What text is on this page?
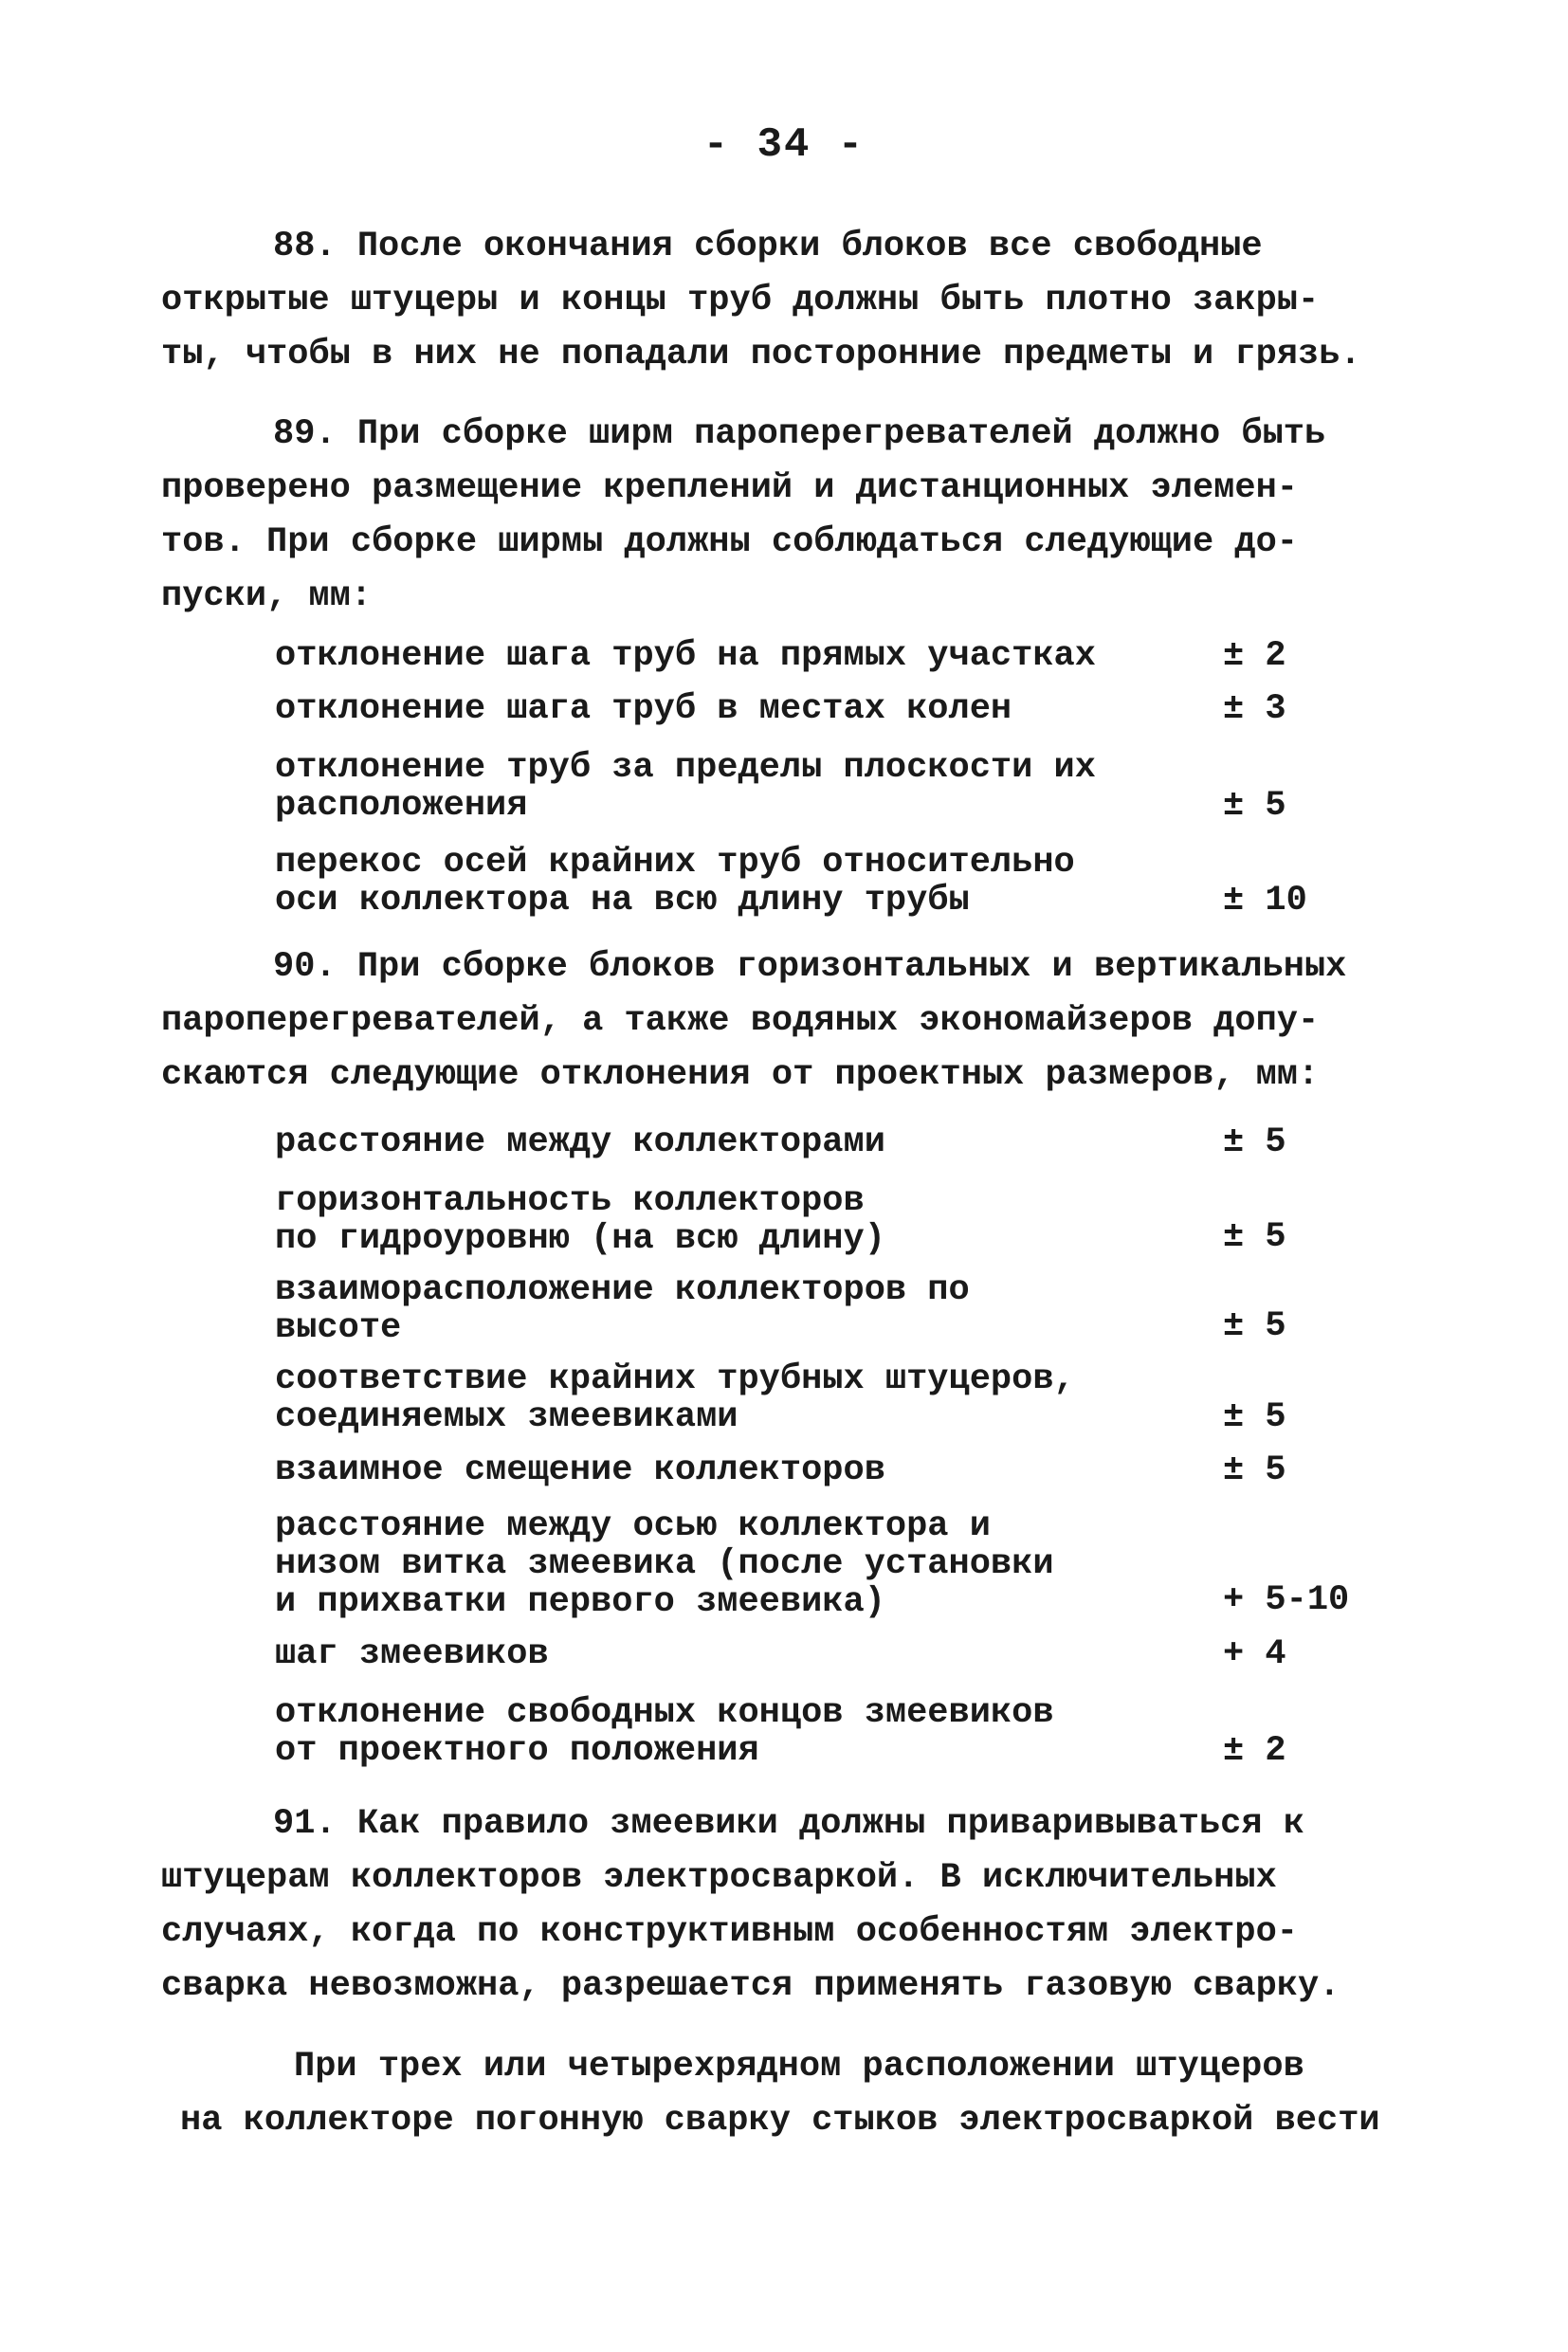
- 34 -
88. После окончания сборки блоков все свободные
открытые штуцеры и концы труб должны быть плотно закры-
ты, чтобы в них не попадали посторонние предметы и грязь.
89. При сборке ширм пароперегревателей должно быть
проверено размещение креплений и дистанционных элемен-
тов. При сборке ширмы должны соблюдаться следующие до-
пуски, мм:
отклонение шага труб на прямых участках	± 2
отклонение шага труб в местах колен	± 3
отклонение труб за пределы плоскости их
расположения	± 5
перекос осей крайних труб относительно
оси коллектора на всю длину трубы	± 10
90. При сборке блоков горизонтальных и вертикальных
пароперегревателей, а также водяных экономайзеров допу-
скаются следующие отклонения от проектных размеров, мм:
расстояние между коллекторами	± 5
горизонтальность коллекторов
по гидроуровню (на всю длину)	± 5
взаиморасположение коллекторов по
высоте	± 5
соответствие крайних трубных штуцеров,
соединяемых змеевиками	± 5
взаимное смещение коллекторов	± 5
расстояние между осью коллектора и
низом витка змеевика (после установки
и прихватки первого змеевика)	+ 5-10
шаг змеевиков	+ 4
отклонение свободных концов змеевиков
от проектного положения	± 2
91. Как правило змеевики должны приваривываться к
штуцерам коллекторов электросваркой. В исключительных
случаях, когда по конструктивным особенностям электро-
сварка невозможна, разрешается применять газовую сварку.
При трех или четырехрядном расположении штуцеров
на коллекторе погонную сварку стыков электросваркой вести
